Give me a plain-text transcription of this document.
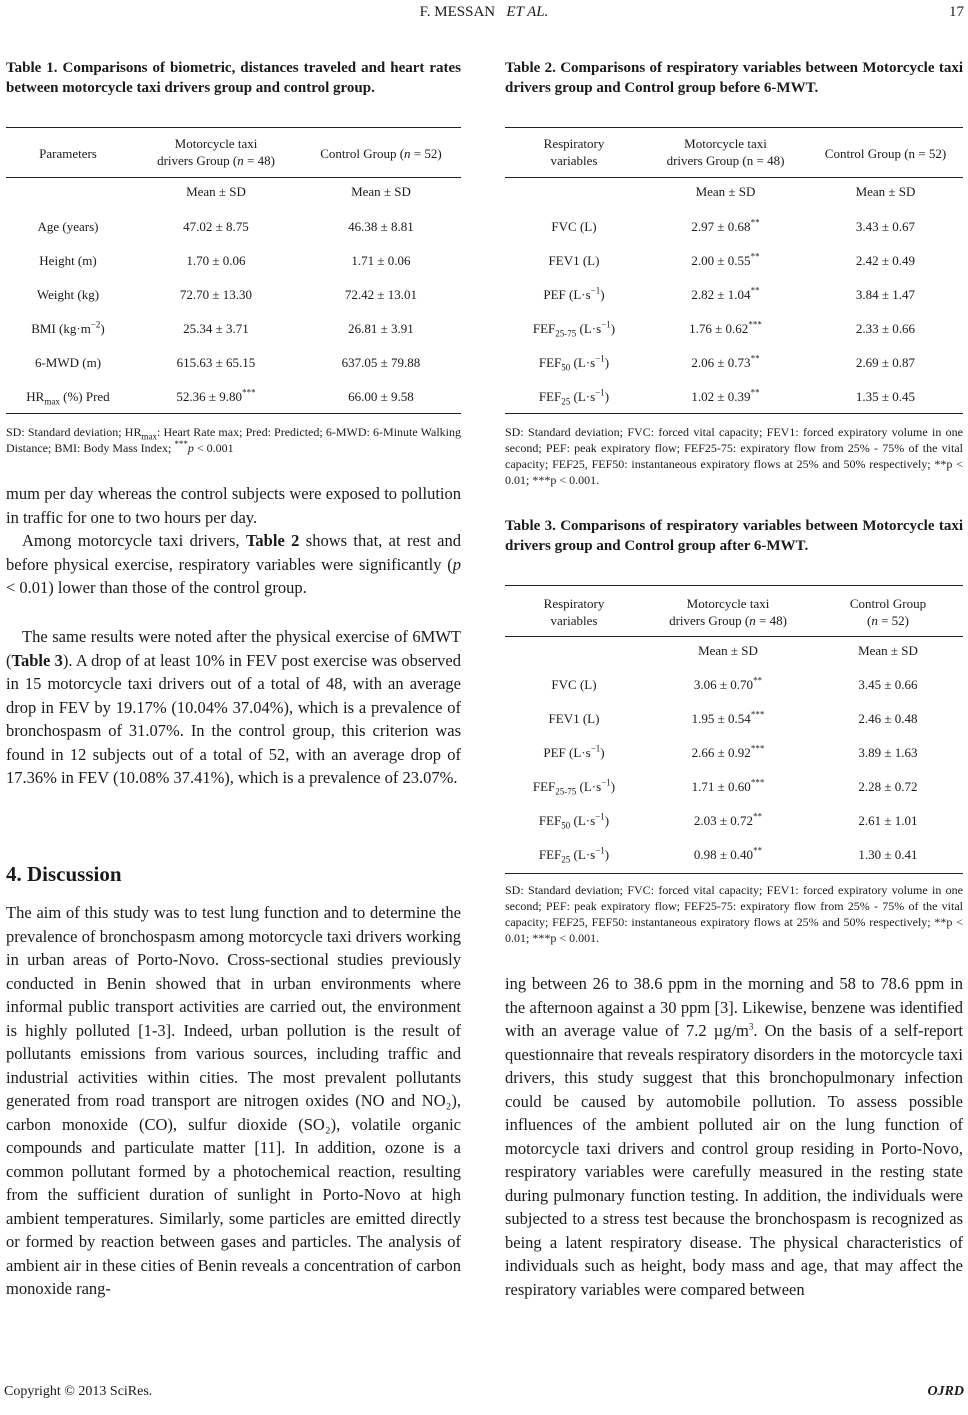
F. MESSAN ET AL.	17
Table 1. Comparisons of biometric, distances traveled and heart rates between motorcycle taxi drivers group and control group.
Parameters
Motorcycle taxi
drivers Group (n = 48)	Control Group (n = 52)
Mean ± SD	Mean ± SD
Age (years)	47.02 ± 8.75	46.38 ± 8.81
Height (m)	1.70 ± 0.06	1.71 ± 0.06
Weight (kg)	72.70 ± 13.30	72.42 ± 13.01
BMI $(kg\cdot m^{-2})$	25.34 ± 3.71	26.81 ± 3.91
6-MWD (m)	615.63 ± 65.15	637.05 ± 79.88
$HR_{max}$ (%) Pred	52.36 ± 9.80***	66.00 ± 9.58
SD: Standard deviation; $HR_{max}$: Heart Rate max; Pred: Predicted; 6-MWD: 6-Minute Walking Distance; BMI: Body Mass Index; ***p < 0.001
mum per day whereas the control subjects were exposed to pollution in traffic for one to two hours per day.
Among motorcycle taxi drivers, Table 2 shows that, at rest and before physical exercise, respiratory variables were significantly (p < 0.01) lower than those of the control group.
The same results were noted after the physical exercise of 6MWT (Table 3). A drop of at least 10% in FEV post exercise was observed in 15 motorcycle taxi drivers out of a total of 48, with an average drop in FEV by 19.17% (10.04% 37.04%), which is a prevalence of bronchospasm of 31.07%. In the control group, this criterion was found in 12 subjects out of a total of 52, with an average drop of 17.36% in FEV (10.08% 37.41%), which is a prevalence of 23.07%.
4. Discussion
The aim of this study was to test lung function and to determine the prevalence of bronchospasm among motorcycle taxi drivers working in urban areas of Porto-Novo. Cross-sectional studies previously conducted in Benin showed that in urban environments where informal public transport activities are carried out, the environment is highly polluted [1-3]. Indeed, urban pollution is the result of pollutants emissions from various sources, including traffic and industrial activities within cities. The most prevalent pollutants generated from road transport are nitrogen oxides (NO and NO₂), carbon monoxide (CO), sulfur dioxide (SO₂), volatile organic compounds and particulate matter [11]. In addition, ozone is a common pollutant formed by a photochemical reaction, resulting from the sufficient duration of sunlight in Porto-Novo at high ambient temperatures. Similarly, some particles are emitted directly or formed by reaction between gases and particles. The analysis of ambient air in these cities of Benin reveals a concentration of carbon monoxide rang-
Table 2. Comparisons of respiratory variables between Motorcycle taxi drivers group and Control group before 6-MWT.
Respiratory
variables
Motorcycle taxi
drivers Group (n = 48)	Control Group (n = 52)
Mean ± SD	Mean ± SD
FVC (L)	2.97 ± 0.68**	3.43 ± 0.67
FEV1 (L)	2.00 ± 0.55**	2.42 ± 0.49
PEF $(L\cdot s^{-1})$	2.82 ± 1.04**	3.84 ± 1.47
$FEF_{25-75}$ $(L\cdot s^{-1})$	1.76 ± 0.62***	2.33 ± 0.66
$FEF_{50}$ $(L\cdot s^{-1})$	2.06 ± 0.73**	2.69 ± 0.87
$FEF_{25}$ $(L\cdot s^{-1})$	1.02 ± 0.39**	1.35 ± 0.45
SD: Standard deviation; FVC: forced vital capacity; FEV1: forced expiratory volume in one second; PEF: peak expiratory flow; FEF25-75: expiratory flow from 25% - 75% of the vital capacity; FEF25, FEF50: instantaneous expiratory flows at 25% and 50% respectively; **p < 0.01; ***p < 0.001.
Table 3. Comparisons of respiratory variables between Motorcycle taxi drivers group and Control group after 6-MWT.
Respiratory
variables
Motorcycle taxi
drivers Group (n = 48)
Control Group
(n = 52)
Mean ± SD	Mean ± SD
FVC (L)	3.06 ± 0.70**	3.45 ± 0.66
FEV1 (L)	1.95 ± 0.54***	2.46 ± 0.48
PEF $(L\cdot s^{-1})$	2.66 ± 0.92***	3.89 ± 1.63
$FEF_{25-75}$ $(L\cdot s^{-1})$	1.71 ± 0.60***	2.28 ± 0.72
$FEF_{50}$ $(L\cdot s^{-1})$	2.03 ± 0.72**	2.61 ± 1.01
$FEF_{25}$ $(L\cdot s^{-1})$	0.98 ± 0.40**	1.30 ± 0.41
SD: Standard deviation; FVC: forced vital capacity; FEV1: forced expiratory volume in one second; PEF: peak expiratory flow; FEF25-75: expiratory flow from 25% - 75% of the vital capacity; FEF25, FEF50: instantaneous expiratory flows at 25% and 50% respectively; **p < 0.01; ***p < 0.001.
ing between 26 to 38.6 ppm in the morning and 58 to 78.6 ppm in the afternoon against a 30 ppm [3]. Likewise, benzene was identified with an average value of 7.2 $\mu g/m^3$. On the basis of a self-report questionnaire that reveals respiratory disorders in the motorcycle taxi drivers, this study suggest that this bronchopulmonary infection could be caused by automobile pollution. To assess possible influences of the ambient polluted air on the lung function of motorcycle taxi drivers and control group residing in Porto-Novo, respiratory variables were carefully measured in the resting state during pulmonary function testing. In addition, the individuals were subjected to a stress test because the bronchospasm is recognized as being a latent respiratory disease. The physical characteristics of individuals such as height, body mass and age, that may affect the respiratory variables were compared between
Copyright © 2013 SciRes.	OJRD
